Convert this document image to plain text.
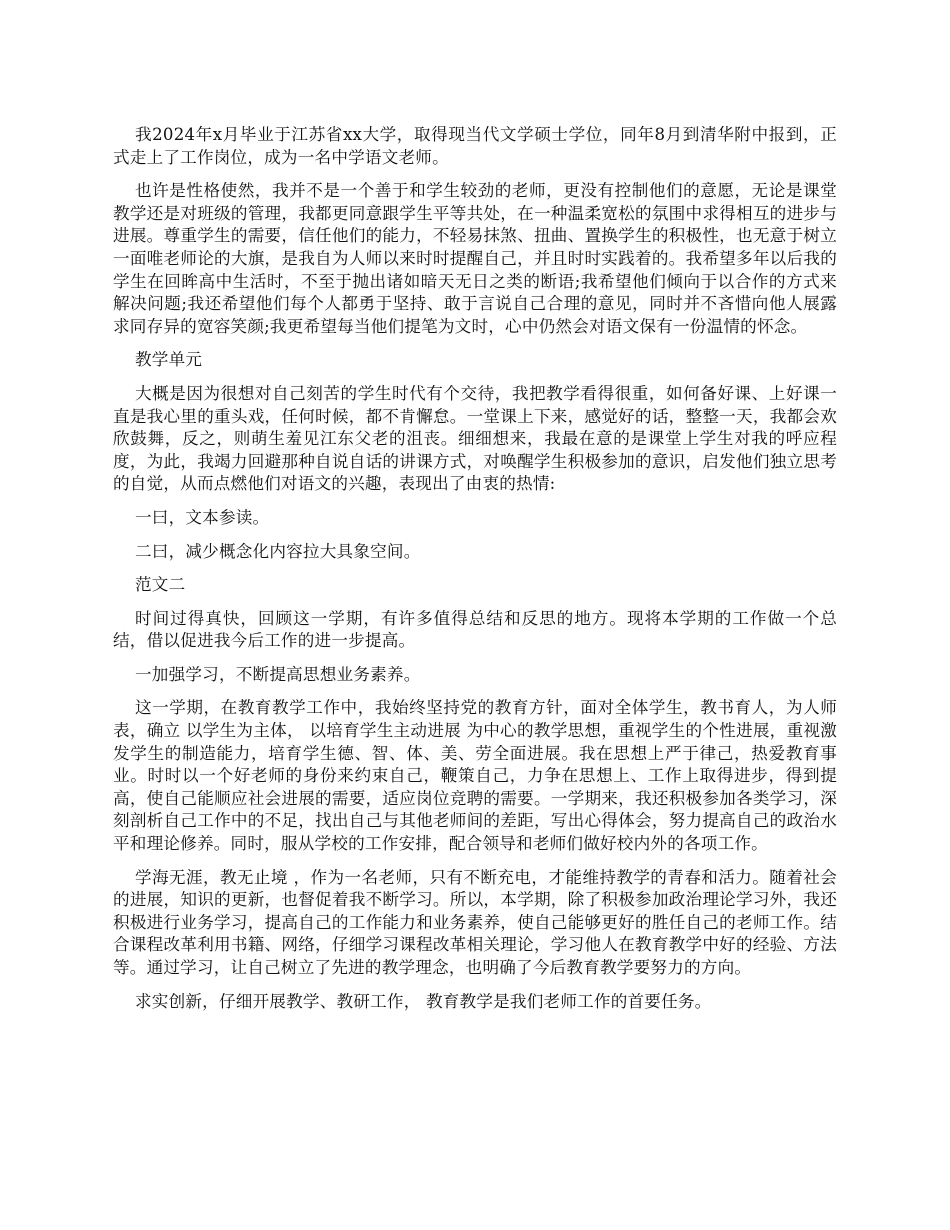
我2024年x月毕业于江苏省xx大学，取得现当代文学硕士学位，同年8月到清华附中报到，正式走上了工作岗位，成为一名中学语文老师。

也许是性格使然，我并不是一个善于和学生较劲的老师，更没有控制他们的意愿，无论是课堂教学还是对班级的管理，我都更同意跟学生平等共处，在一种温柔宽松的氛围中求得相互的进步与进展。尊重学生的需要，信任他们的能力，不轻易抹煞、扭曲、置换学生的积极性，也无意于树立一面唯老师论的大旗，是我自为人师以来时时提醒自己，并且时时实践着的。我希望多年以后我的学生在回眸高中生活时，不至于抛出诸如暗天无日之类的断语;我希望他们倾向于以合作的方式来解决问题;我还希望他们每个人都勇于坚持、敢于言说自己合理的意见，同时并不吝惜向他人展露求同存异的宽容笑颜;我更希望每当他们提笔为文时，心中仍然会对语文保有一份温情的怀念。

教学单元

大概是因为很想对自己刻苦的学生时代有个交待，我把教学看得很重，如何备好课、上好课一直是我心里的重头戏，任何时候，都不肯懈怠。一堂课上下来，感觉好的话，整整一天，我都会欢欣鼓舞，反之，则萌生羞见江东父老的沮丧。细细想来，我最在意的是课堂上学生对我的呼应程度，为此，我竭力回避那种自说自话的讲课方式，对唤醒学生积极参加的意识，启发他们独立思考的自觉，从而点燃他们对语文的兴趣，表现出了由衷的热情:

一曰，文本参读。

二曰，减少概念化内容拉大具象空间。

范文二

时间过得真快，回顾这一学期，有许多值得总结和反思的地方。现将本学期的工作做一个总结，借以促进我今后工作的进一步提高。

一加强学习，不断提高思想业务素养。

这一学期，在教育教学工作中，我始终坚持党的教育方针，面对全体学生，教书育人，为人师表，确立 以学生为主体， 以培育学生主动进展 为中心的教学思想，重视学生的个性进展，重视激发学生的制造能力，培育学生德、智、体、美、劳全面进展。我在思想上严于律己，热爱教育事业。时时以一个好老师的身份来约束自己，鞭策自己，力争在思想上、工作上取得进步，得到提高，使自己能顺应社会进展的需要，适应岗位竞聘的需要。一学期来，我还积极参加各类学习，深刻剖析自己工作中的不足，找出自己与其他老师间的差距，写出心得体会，努力提高自己的政治水平和理论修养。同时，服从学校的工作安排，配合领导和老师们做好校内外的各项工作。

学海无涯，教无止境 ，作为一名老师，只有不断充电，才能维持教学的青春和活力。随着社会的进展，知识的更新，也督促着我不断学习。所以，本学期，除了积极参加政治理论学习外，我还积极进行业务学习，提高自己的工作能力和业务素养，使自己能够更好的胜任自己的老师工作。结合课程改革利用书籍、网络，仔细学习课程改革相关理论，学习他人在教育教学中好的经验、方法等。通过学习，让自己树立了先进的教学理念，也明确了今后教育教学要努力的方向。

求实创新，仔细开展教学、教研工作， 教育教学是我们老师工作的首要任务。
